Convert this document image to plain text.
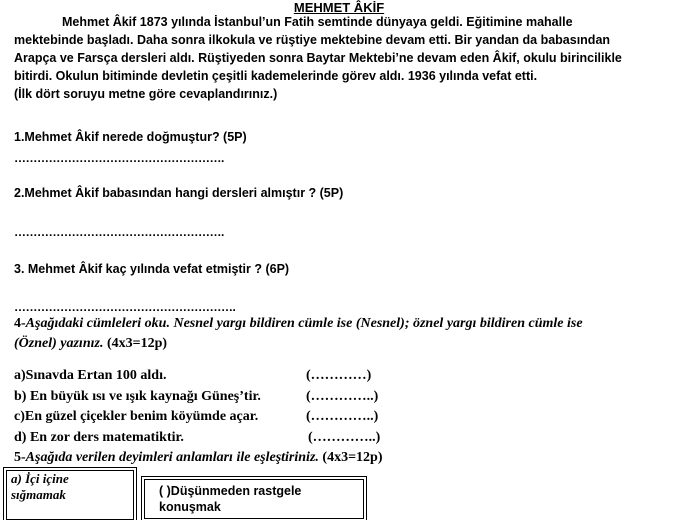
MEHMET ÂKİF
Mehmet Âkif 1873 yılında İstanbul’un Fatih semtinde dünyaya geldi. Eğitimine mahalle
mektebinde başladı. Daha sonra ilkokula ve rüştiye mektebine devam etti. Bir yandan da babasından
Arapça ve Farsça dersleri aldı. Rüştiyeden sonra Baytar Mektebi’ne devam eden Âkif, okulu birincilikle
bitirdi. Okulun bitiminde devletin çeşitli kademelerinde görev aldı. 1936 yılında vefat etti.
(İlk dört soruyu metne göre cevaplandırınız.)
1.Mehmet Âkif nerede doğmuştur? (5P)
……………………………………………….
2.Mehmet Âkif babasından hangi dersleri almıştır ? (5P)
……………………………………………….
3. Mehmet Âkif kaç yılında vefat etmiştir ? (6P)
………………………………………………….
4-Aşağıdaki cümleleri oku. Nesnel yargı bildiren cümle ise (Nesnel); öznel yargı bildiren cümle ise
(Öznel) yazınız. (4x3=12p)
a)Sınavda Ertan 100 aldı.	(…………)
b) En büyük ısı ve ışık kaynağı Güneş’tir.	(…………..)
c)En güzel çiçekler benim köyümde açar.	(…………..)
d) En zor ders matematiktir.	(…………..)
5-Aşağıda verilen deyimleri anlamları ile eşleştiriniz. (4x3=12p)
a) İçi içine
sığmamak	( )Düşünmeden rastgele
konuşmak
